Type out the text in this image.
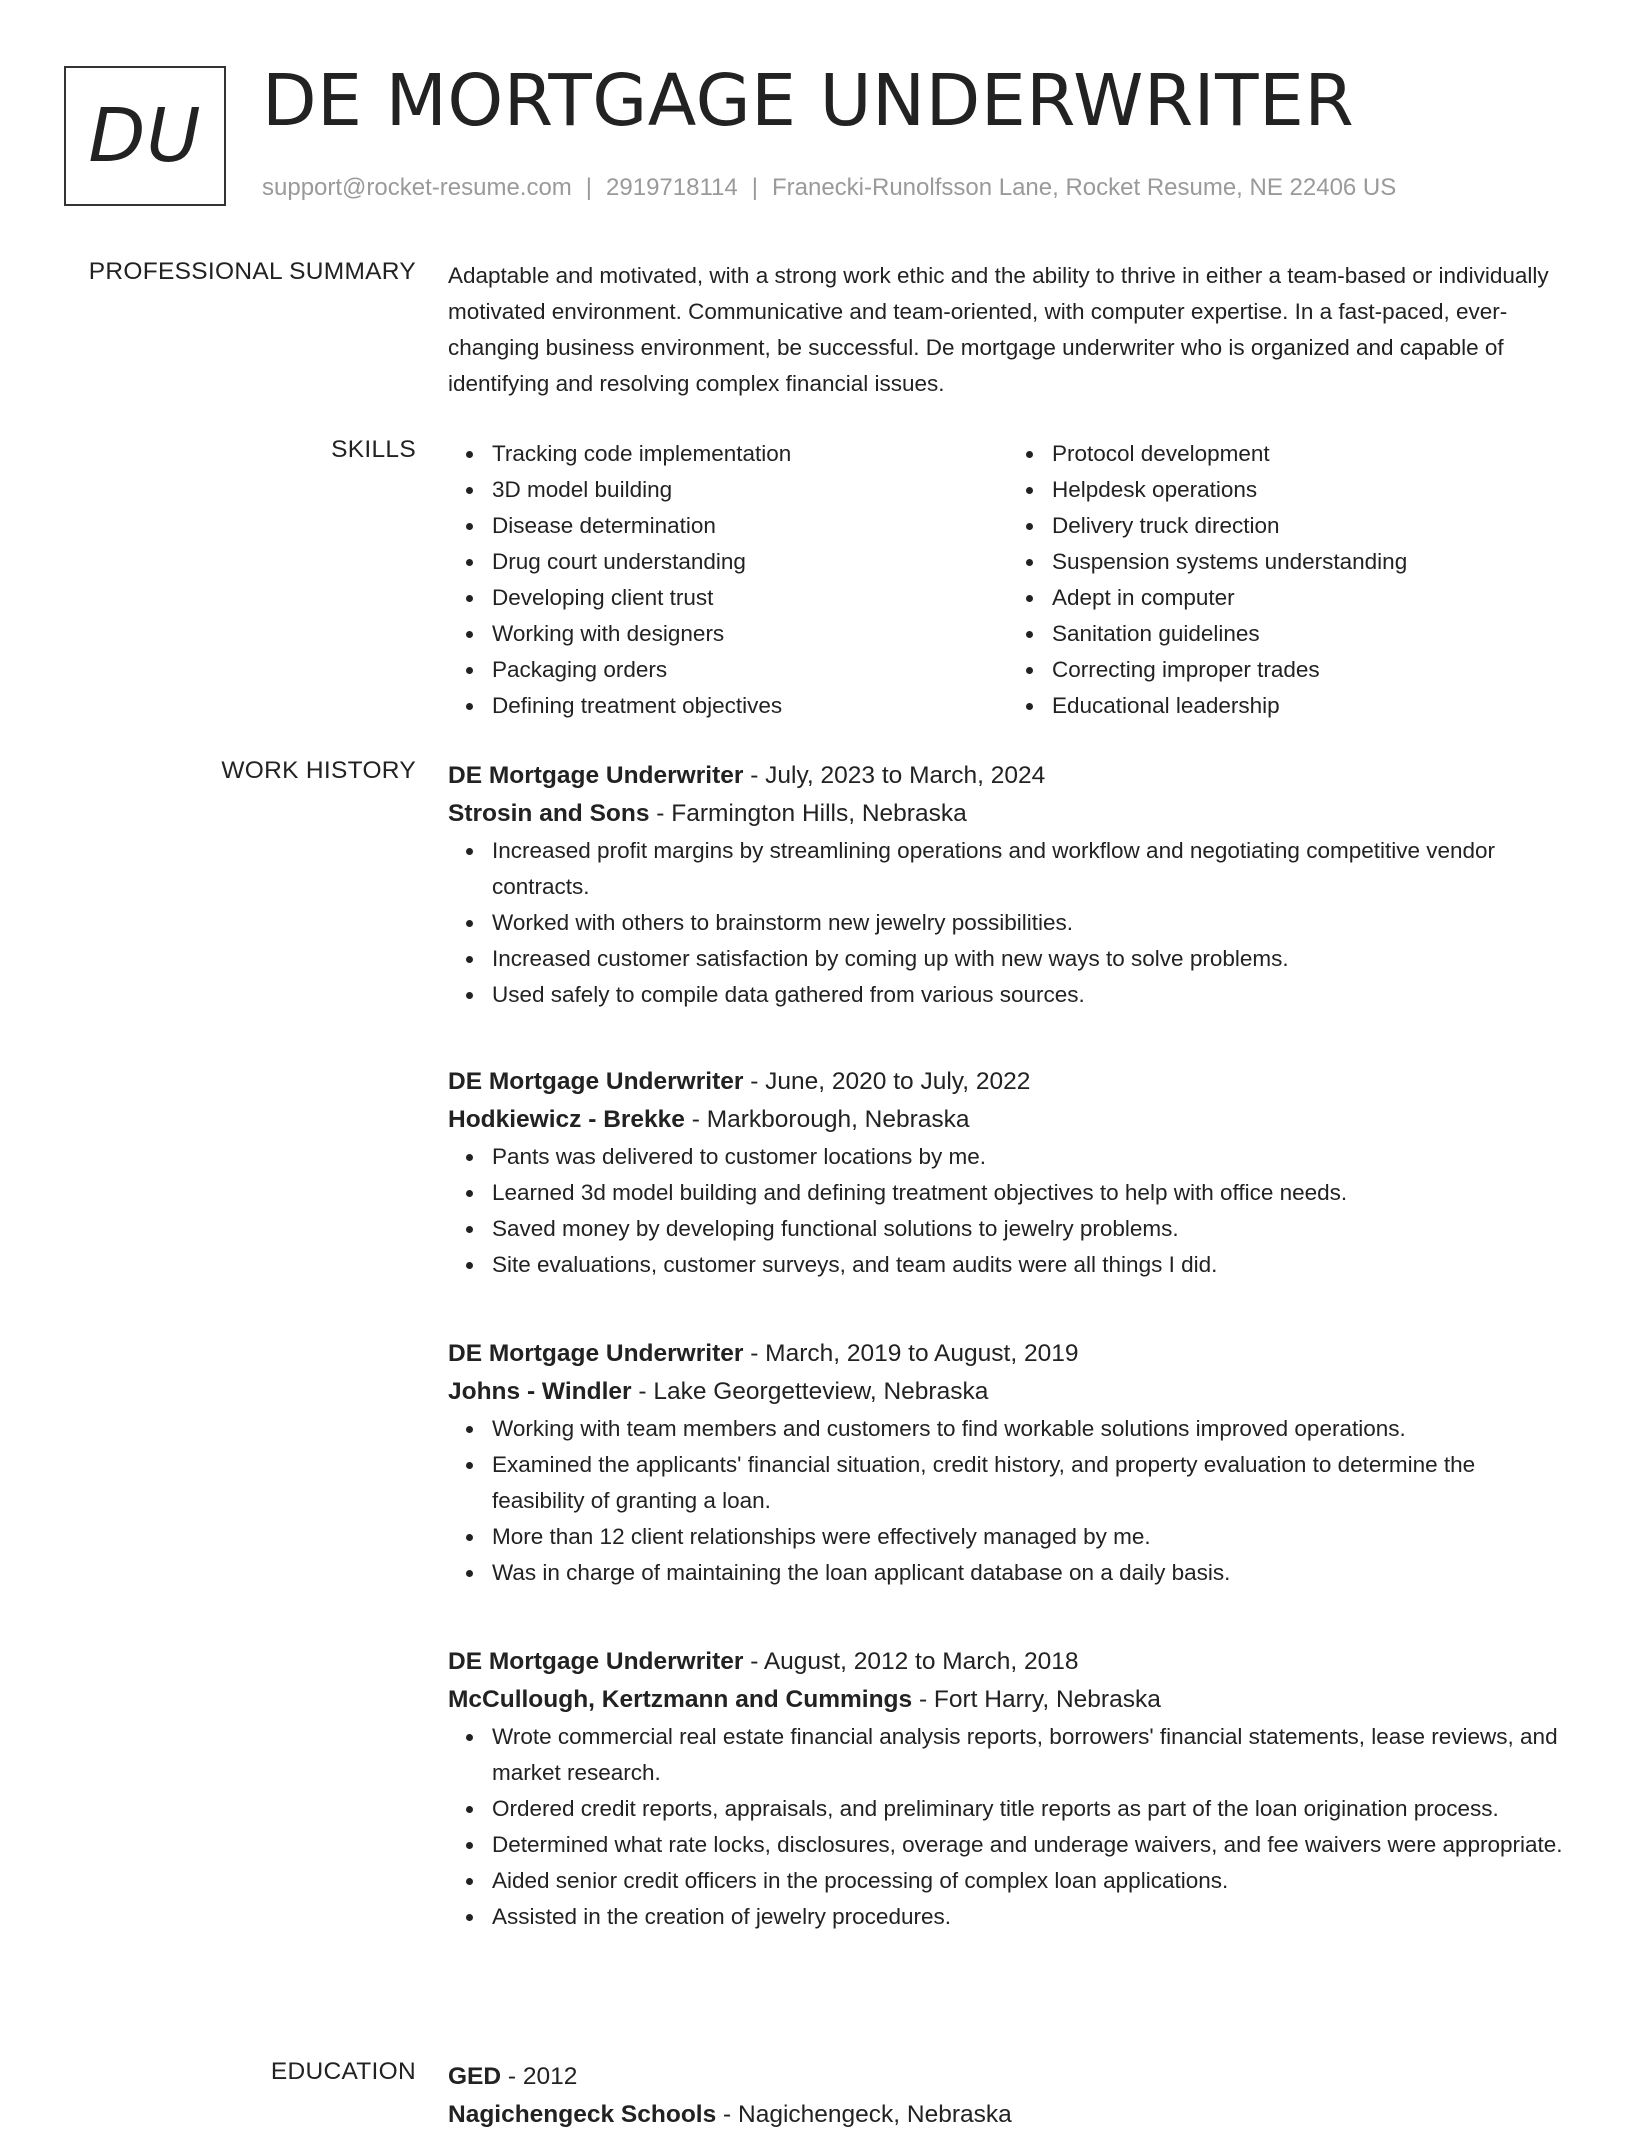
DU DE MORTGAGE UNDERWRITER
support@rocket-resume.com | 2919718114 | Franecki-Runolfsson Lane, Rocket Resume, NE 22406 US
PROFESSIONAL SUMMARY Adaptable and motivated, with a strong work ethic and the ability to thrive in either a team-based or individually motivated environment. Communicative and team-oriented, with computer expertise. In a fast-paced, ever-changing business environment, be successful. De mortgage underwriter who is organized and capable of identifying and resolving complex financial issues.

SKILLS	Tracking code implementation
3D model building
Disease determination
Drug court understanding
Developing client trust
Working with designers
Packaging orders
Defining treatment objectives
Protocol development
Helpdesk operations
Delivery truck direction
Suspension systems understanding
Adept in computer
Sanitation guidelines
Correcting improper trades
Educational leadership
WORK HISTORY DE Mortgage Underwriter - July, 2023 to March, 2024
Strosin and Sons - Farmington Hills, Nebraska
Increased profit margins by streamlining operations and workflow and negotiating competitive vendor contracts.
Worked with others to brainstorm new jewelry possibilities.
Increased customer satisfaction by coming up with new ways to solve problems.
Used safely to compile data gathered from various sources.
DE Mortgage Underwriter - June, 2020 to July, 2022
Hodkiewicz - Brekke - Markborough, Nebraska
Pants was delivered to customer locations by me.
Learned 3d model building and defining treatment objectives to help with office needs.
Saved money by developing functional solutions to jewelry problems.
Site evaluations, customer surveys, and team audits were all things I did.
DE Mortgage Underwriter - March, 2019 to August, 2019
Johns - Windler - Lake Georgetteview, Nebraska
Working with team members and customers to find workable solutions improved operations.
Examined the applicants' financial situation, credit history, and property evaluation to determine the feasibility of granting a loan.
More than 12 client relationships were effectively managed by me.
Was in charge of maintaining the loan applicant database on a daily basis.
DE Mortgage Underwriter - August, 2012 to March, 2018
McCullough, Kertzmann and Cummings - Fort Harry, Nebraska
Wrote commercial real estate financial analysis reports, borrowers' financial statements, lease reviews, and market research.
Ordered credit reports, appraisals, and preliminary title reports as part of the loan origination process.
Determined what rate locks, disclosures, overage and underage waivers, and fee waivers were appropriate.
Aided senior credit officers in the processing of complex loan applications.
Assisted in the creation of jewelry procedures.
EDUCATION GED - 2012
Nagichengeck Schools - Nagichengeck, Nebraska
